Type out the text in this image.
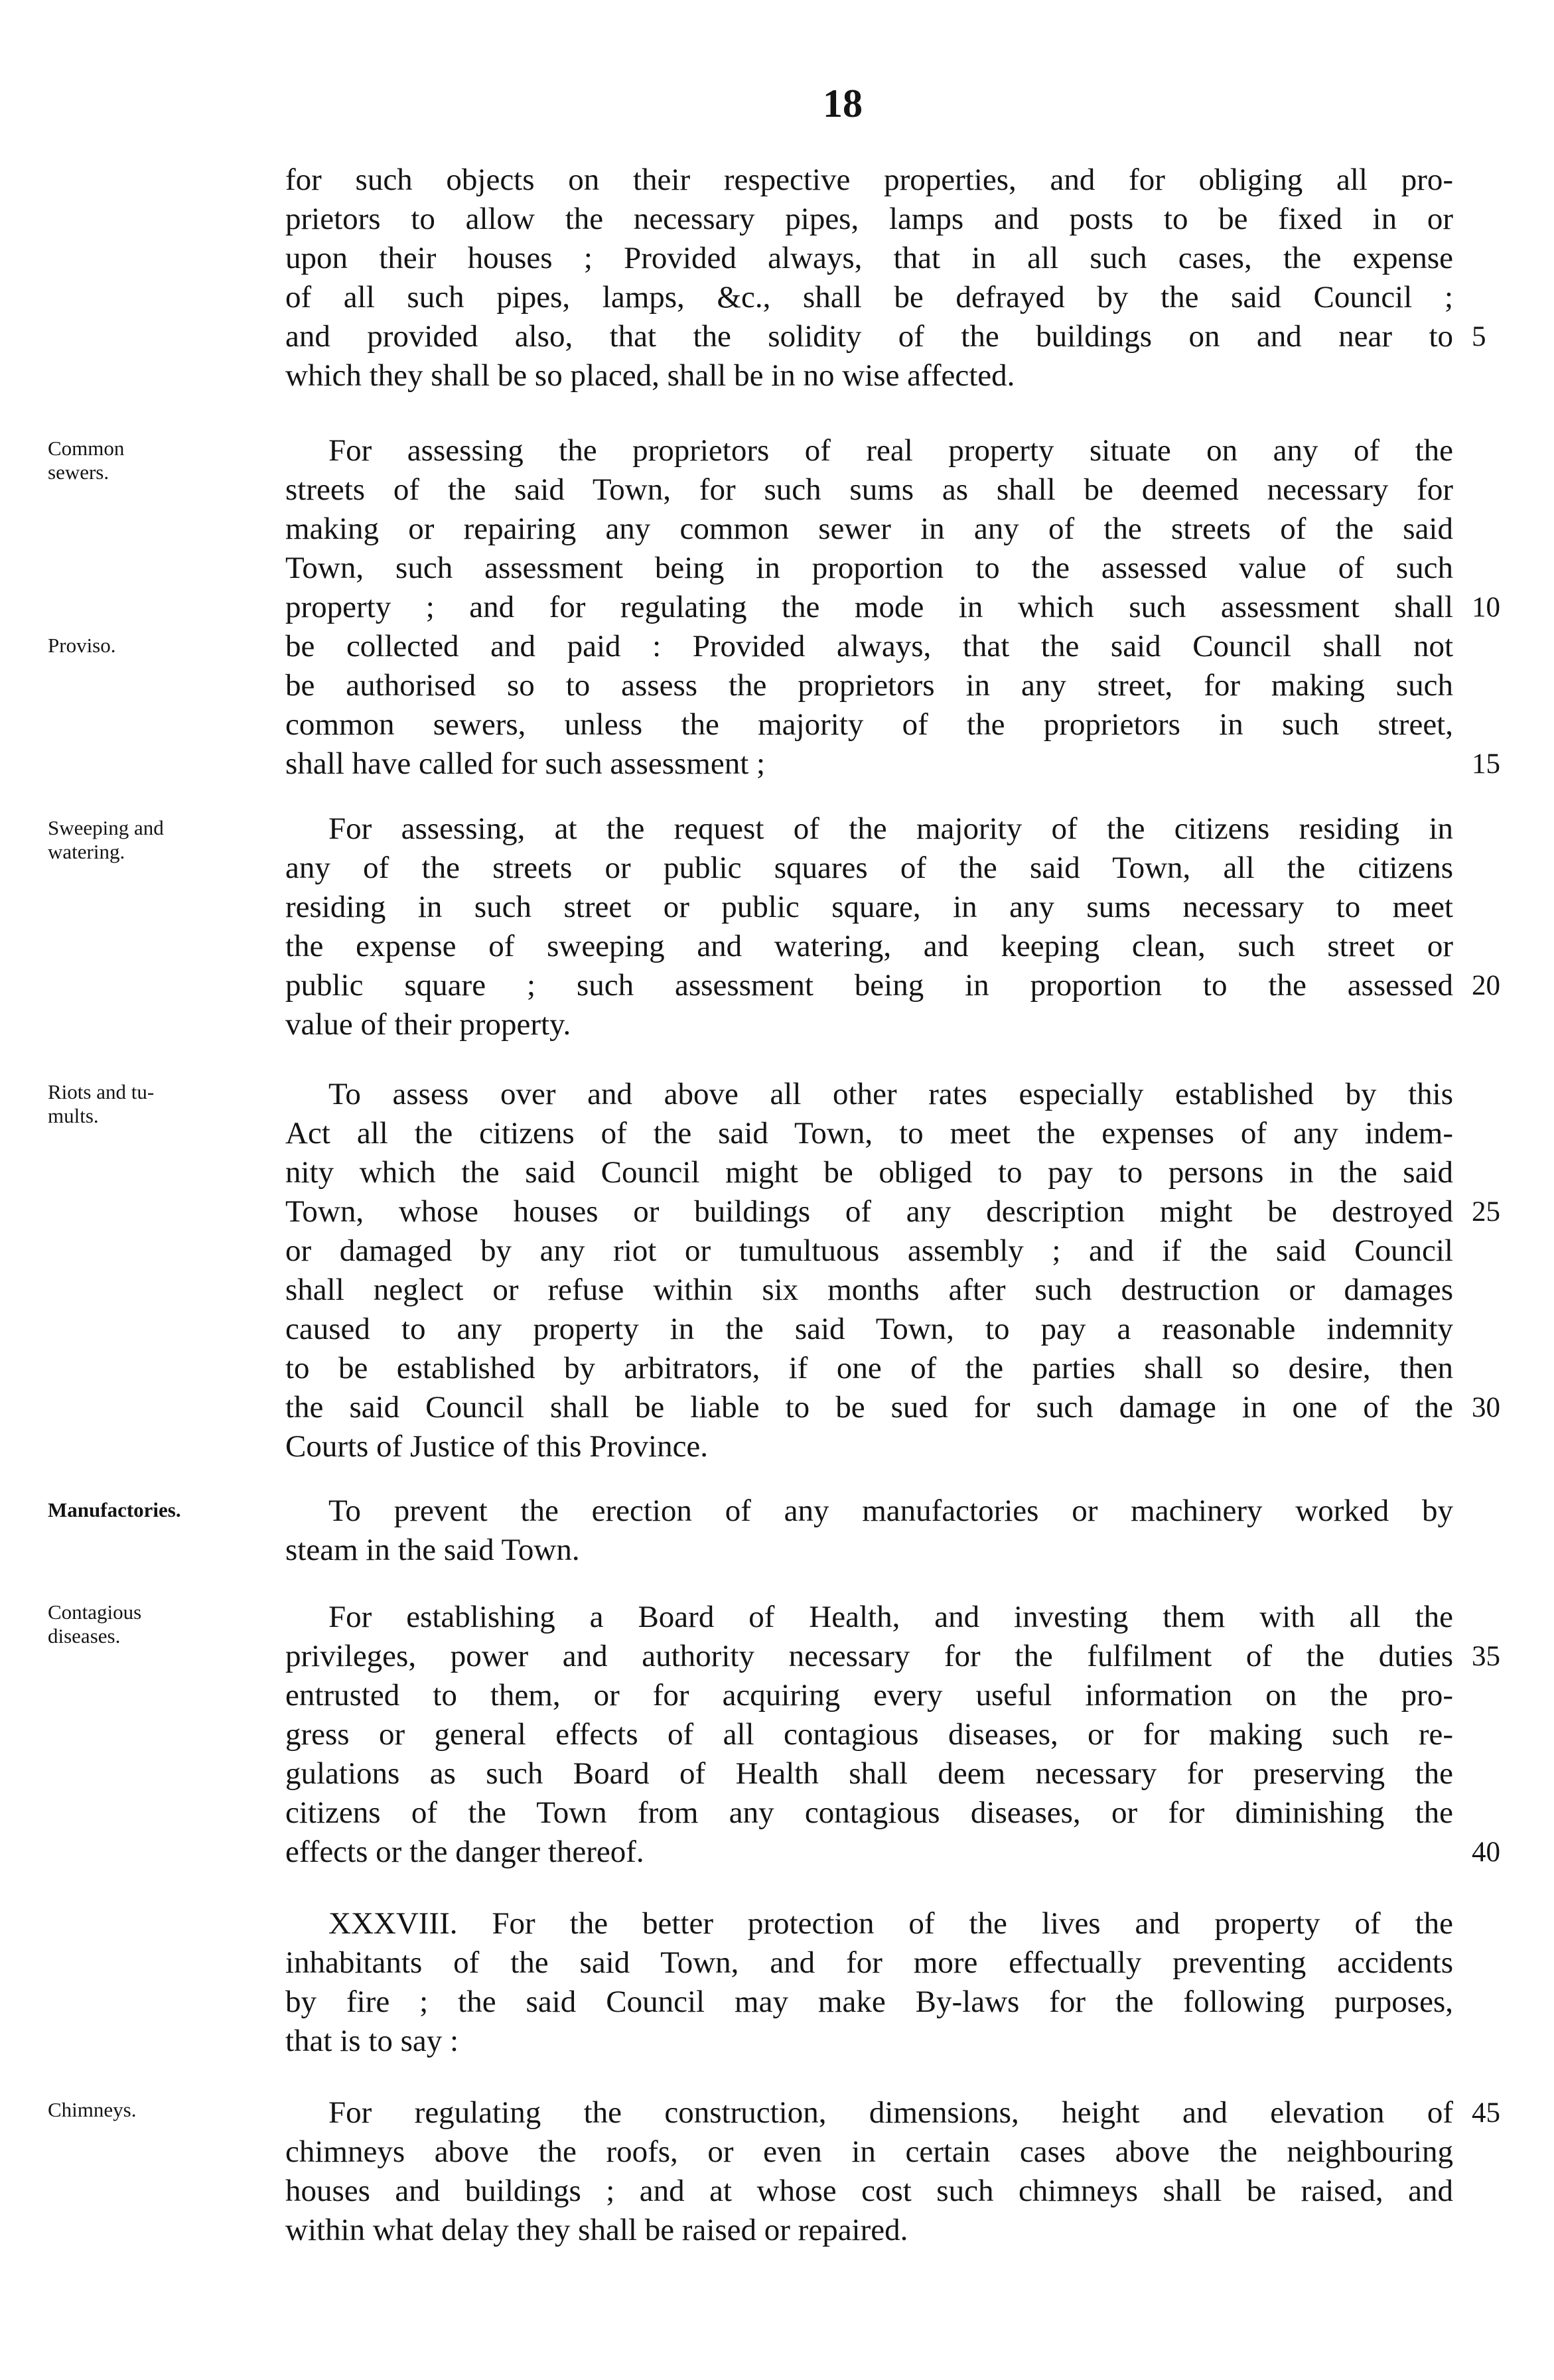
18
for such objects on their respective properties, and for obliging all pro-
prietors to allow the necessary pipes, lamps and posts to be fixed in or
upon their houses ; Provided always, that in all such cases, the expense
of all such pipes, lamps, &c., shall be defrayed by the said Council ;
and provided also, that the solidity of the buildings on and near to
which they shall be so placed, shall be in no wise affected.
For assessing the proprietors of real property situate on any of the
streets of the said Town, for such sums as shall be deemed necessary for
making or repairing any common sewer in any of the streets of the said
Town, such assessment being in proportion to the assessed value of such
property ; and for regulating the mode in which such assessment shall
be collected and paid : Provided always, that the said Council shall not
be authorised so to assess the proprietors in any street, for making such
common sewers, unless the majority of the proprietors in such street,
shall have called for such assessment ;
For assessing, at the request of the majority of the citizens residing in
any of the streets or public squares of the said Town, all the citizens
residing in such street or public square, in any sums necessary to meet
the expense of sweeping and watering, and keeping clean, such street or
public square ; such assessment being in proportion to the assessed
value of their property.
To assess over and above all other rates especially established by this
Act all the citizens of the said Town, to meet the expenses of any indem-
nity which the said Council might be obliged to pay to persons in the said
Town, whose houses or buildings of any description might be destroyed
or damaged by any riot or tumultuous assembly ; and if the said Council
shall neglect or refuse within six months after such destruction or damages
caused to any property in the said Town, to pay a reasonable indemnity
to be established by arbitrators, if one of the parties shall so desire, then
the said Council shall be liable to be sued for such damage in one of the
Courts of Justice of this Province.
To prevent the erection of any manufactories or machinery worked by
steam in the said Town.
For establishing a Board of Health, and investing them with all the
privileges, power and authority necessary for the fulfilment of the duties
entrusted to them, or for acquiring every useful information on the pro-
gress or general effects of all contagious diseases, or for making such re-
gulations as such Board of Health shall deem necessary for preserving the
citizens of the Town from any contagious diseases, or for diminishing the
effects or the danger thereof.
XXXVIII. For the better protection of the lives and property of the
inhabitants of the said Town, and for more effectually preventing accidents
by fire ; the said Council may make By-laws for the following purposes,
that is to say :
For regulating the construction, dimensions, height and elevation of
chimneys above the roofs, or even in certain cases above the neighbouring
houses and buildings ; and at whose cost such chimneys shall be raised, and
within what delay they shall be raised or repaired.
Common
sewers.
Proviso.
Sweeping and
watering.
Riots and tu-
mults.
Manufactories.
Contagious
diseases.
Chimneys.
5
10
15
20
25
30
35
40
45
